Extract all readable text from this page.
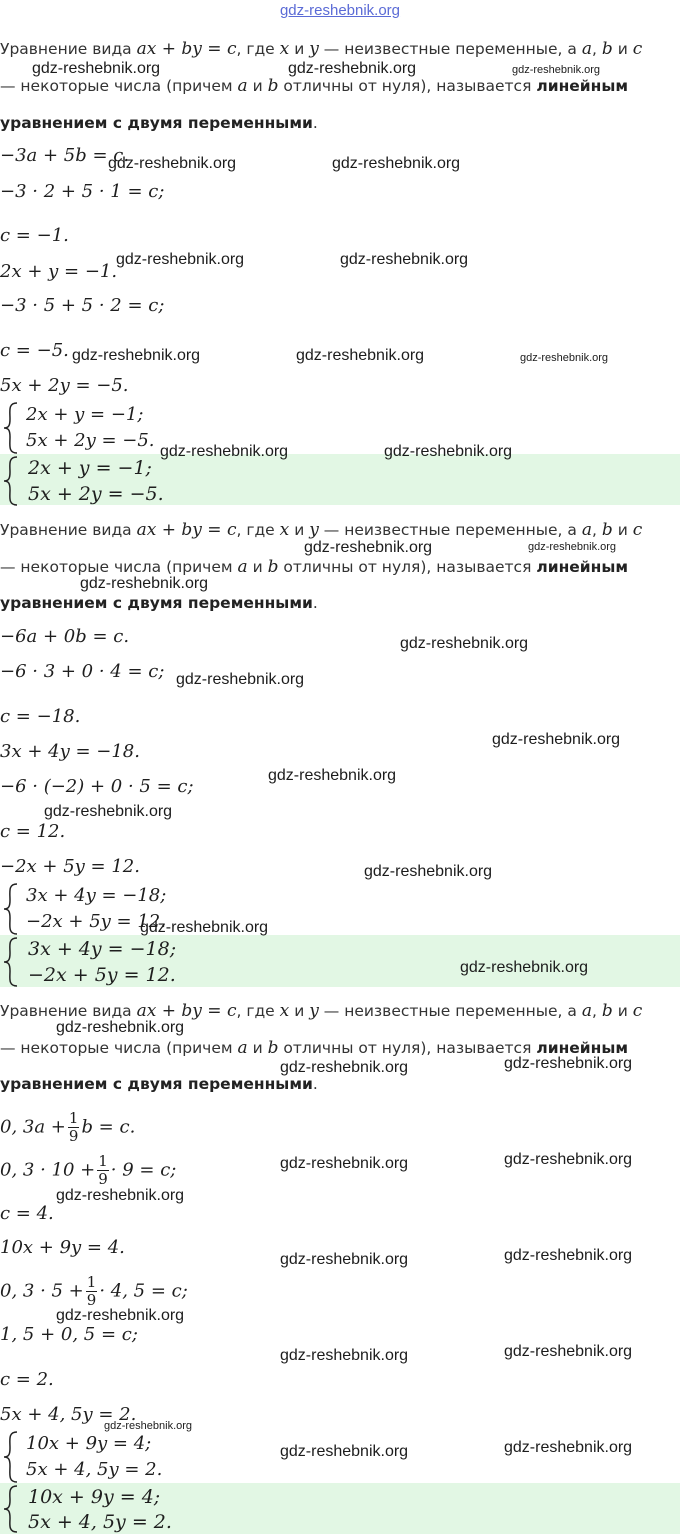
gdz-reshebnik.org
Уравнение вида ax + by = c, где x и y — неизвестные переменные, а a, b и c
— некоторые числа (причем a и b отличны от нуля), называется линейным
уравнением с двумя переменными.
−3a + 5b = c.
−3 · 2 + 5 · 1 = c;
c = −1.
2x + y = −1.
−3 · 5 + 5 · 2 = c;
c = −5.
5x + 2y = −5.
2x + y = −1;
5x + 2y = −5.
2x + y = −1;
5x + 2y = −5.
Уравнение вида ax + by = c, где x и y — неизвестные переменные, а a, b и c
— некоторые числа (причем a и b отличны от нуля), называется линейным
уравнением с двумя переменными.
−6a + 0b = c.
−6 · 3 + 0 · 4 = c;
c = −18.
3x + 4y = −18.
−6 · (−2) + 0 · 5 = c;
c = 12.
−2x + 5y = 12.
3x + 4y = −18;
−2x + 5y = 12.
3x + 4y = −18;
−2x + 5y = 12.
Уравнение вида ax + by = c, где x и y — неизвестные переменные, а a, b и c
— некоторые числа (причем a и b отличны от нуля), называется линейным
уравнением с двумя переменными.
0, $3a + \frac{1}{9}$ b = c.
0, $3 \cdot 10 + \frac{1}{9} \cdot 9 = c$;
c = 4.
10x + 9y = 4.
0, $3 \cdot 5 + \frac{1}{9} \cdot 4$, 5 = c;
1, 5 + 0, 5 = c;
c = 2.
5x + 4, 5y = 2.
10x + 9y = 4;
5x + 4, 5y = 2.
10x + 9y = 4;
5x + 4, 5y = 2.
gdz-reshebnik.org	gdz-reshebnik.org	gdz-reshebnik.org
gdz-reshebnik.org	gdz-reshebnik.org
gdz-reshebnik.org	gdz-reshebnik.org
gdz-reshebnik.org	gdz-reshebnik.org	gdz-reshebnik.org
gdz-reshebnik.org	gdz-reshebnik.org
gdz-reshebnik.org	gdz-reshebnik.org
gdz-reshebnik.org
gdz-reshebnik.org
gdz-reshebnik.org
gdz-reshebnik.org
gdz-reshebnik.org
gdz-reshebnik.org
gdz-reshebnik.org
gdz-reshebnik.org
gdz-reshebnik.org
gdz-reshebnik.org
gdz-reshebnik.org	gdz-reshebnik.org
gdz-reshebnik.org	gdz-reshebnik.org
gdz-reshebnik.org
gdz-reshebnik.org	gdz-reshebnik.org
gdz-reshebnik.org
gdz-reshebnik.org	gdz-reshebnik.org
gdz-reshebnik.org
gdz-reshebnik.org	gdz-reshebnik.org
